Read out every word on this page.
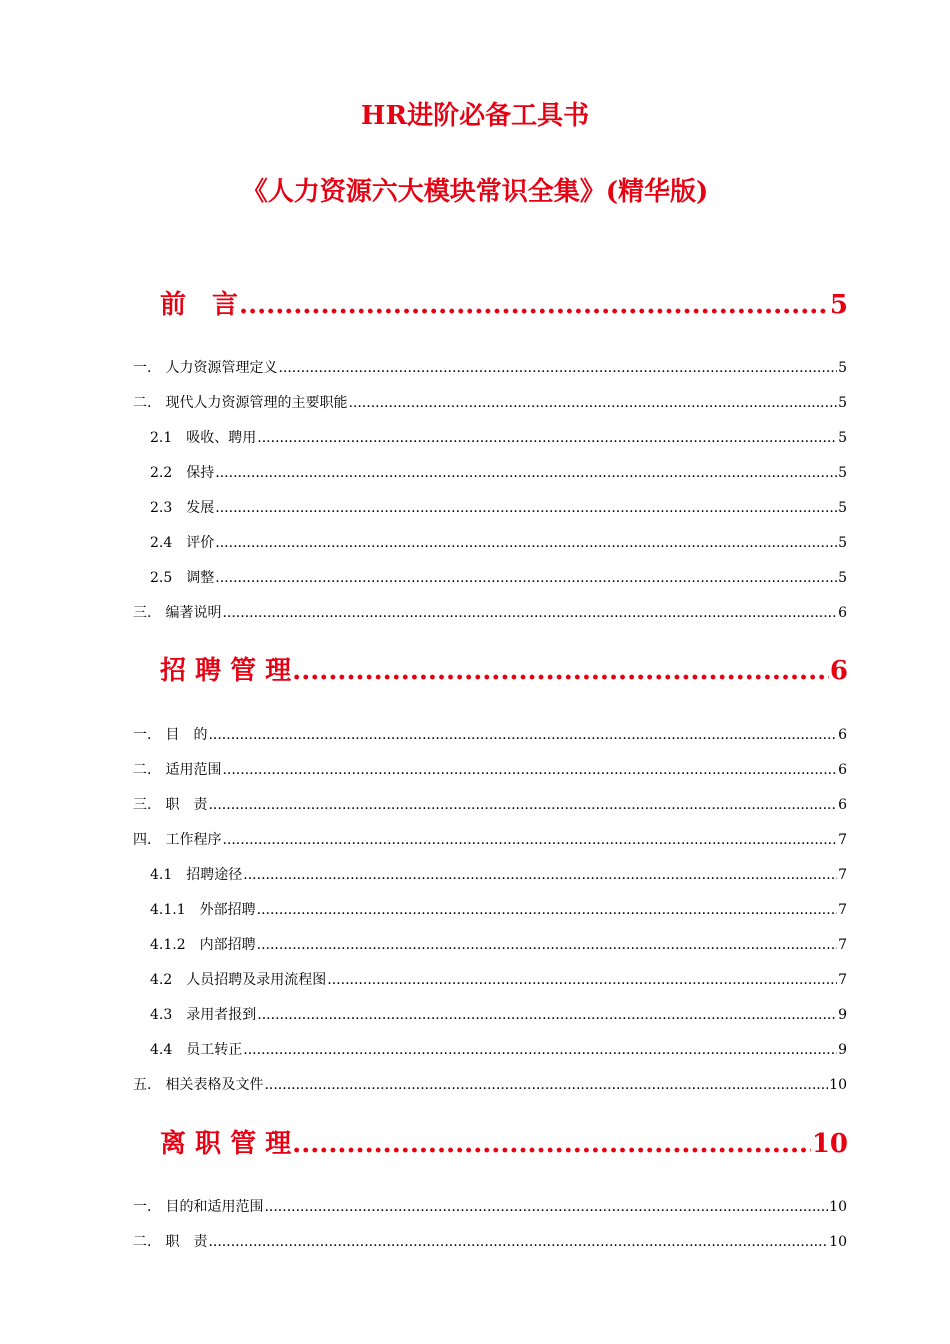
HR进阶必备工具书
《人力资源六大模块常识全集》(精华版)
前　言 .....	5
一.　人力资源管理定义 .....	5
二.　现代人力资源管理的主要职能 .....	5
2.1　吸收、聘用 .....	5
2.2　保持 .....	5
2.3　发展 .....	5
2.4　评价 .....	5
2.5　调整 .....	5
三.　编著说明 .....	6
招 聘 管 理 .....	6
一.　目　的 .....	6
二.　适用范围 .....	6
三.　职　责 .....	6
四.　工作程序 .....	7
4.1　招聘途径 .....	7
4.1.1　外部招聘 .....	7
4.1.2　内部招聘 .....	7
4.2　人员招聘及录用流程图 .....	7
4.3　录用者报到 .....	9
4.4　员工转正 .....	9
五.　相关表格及文件 .....	10
离 职 管 理 .....	10
一.　目的和适用范围 .....	10
二.　职　责 .....	10
